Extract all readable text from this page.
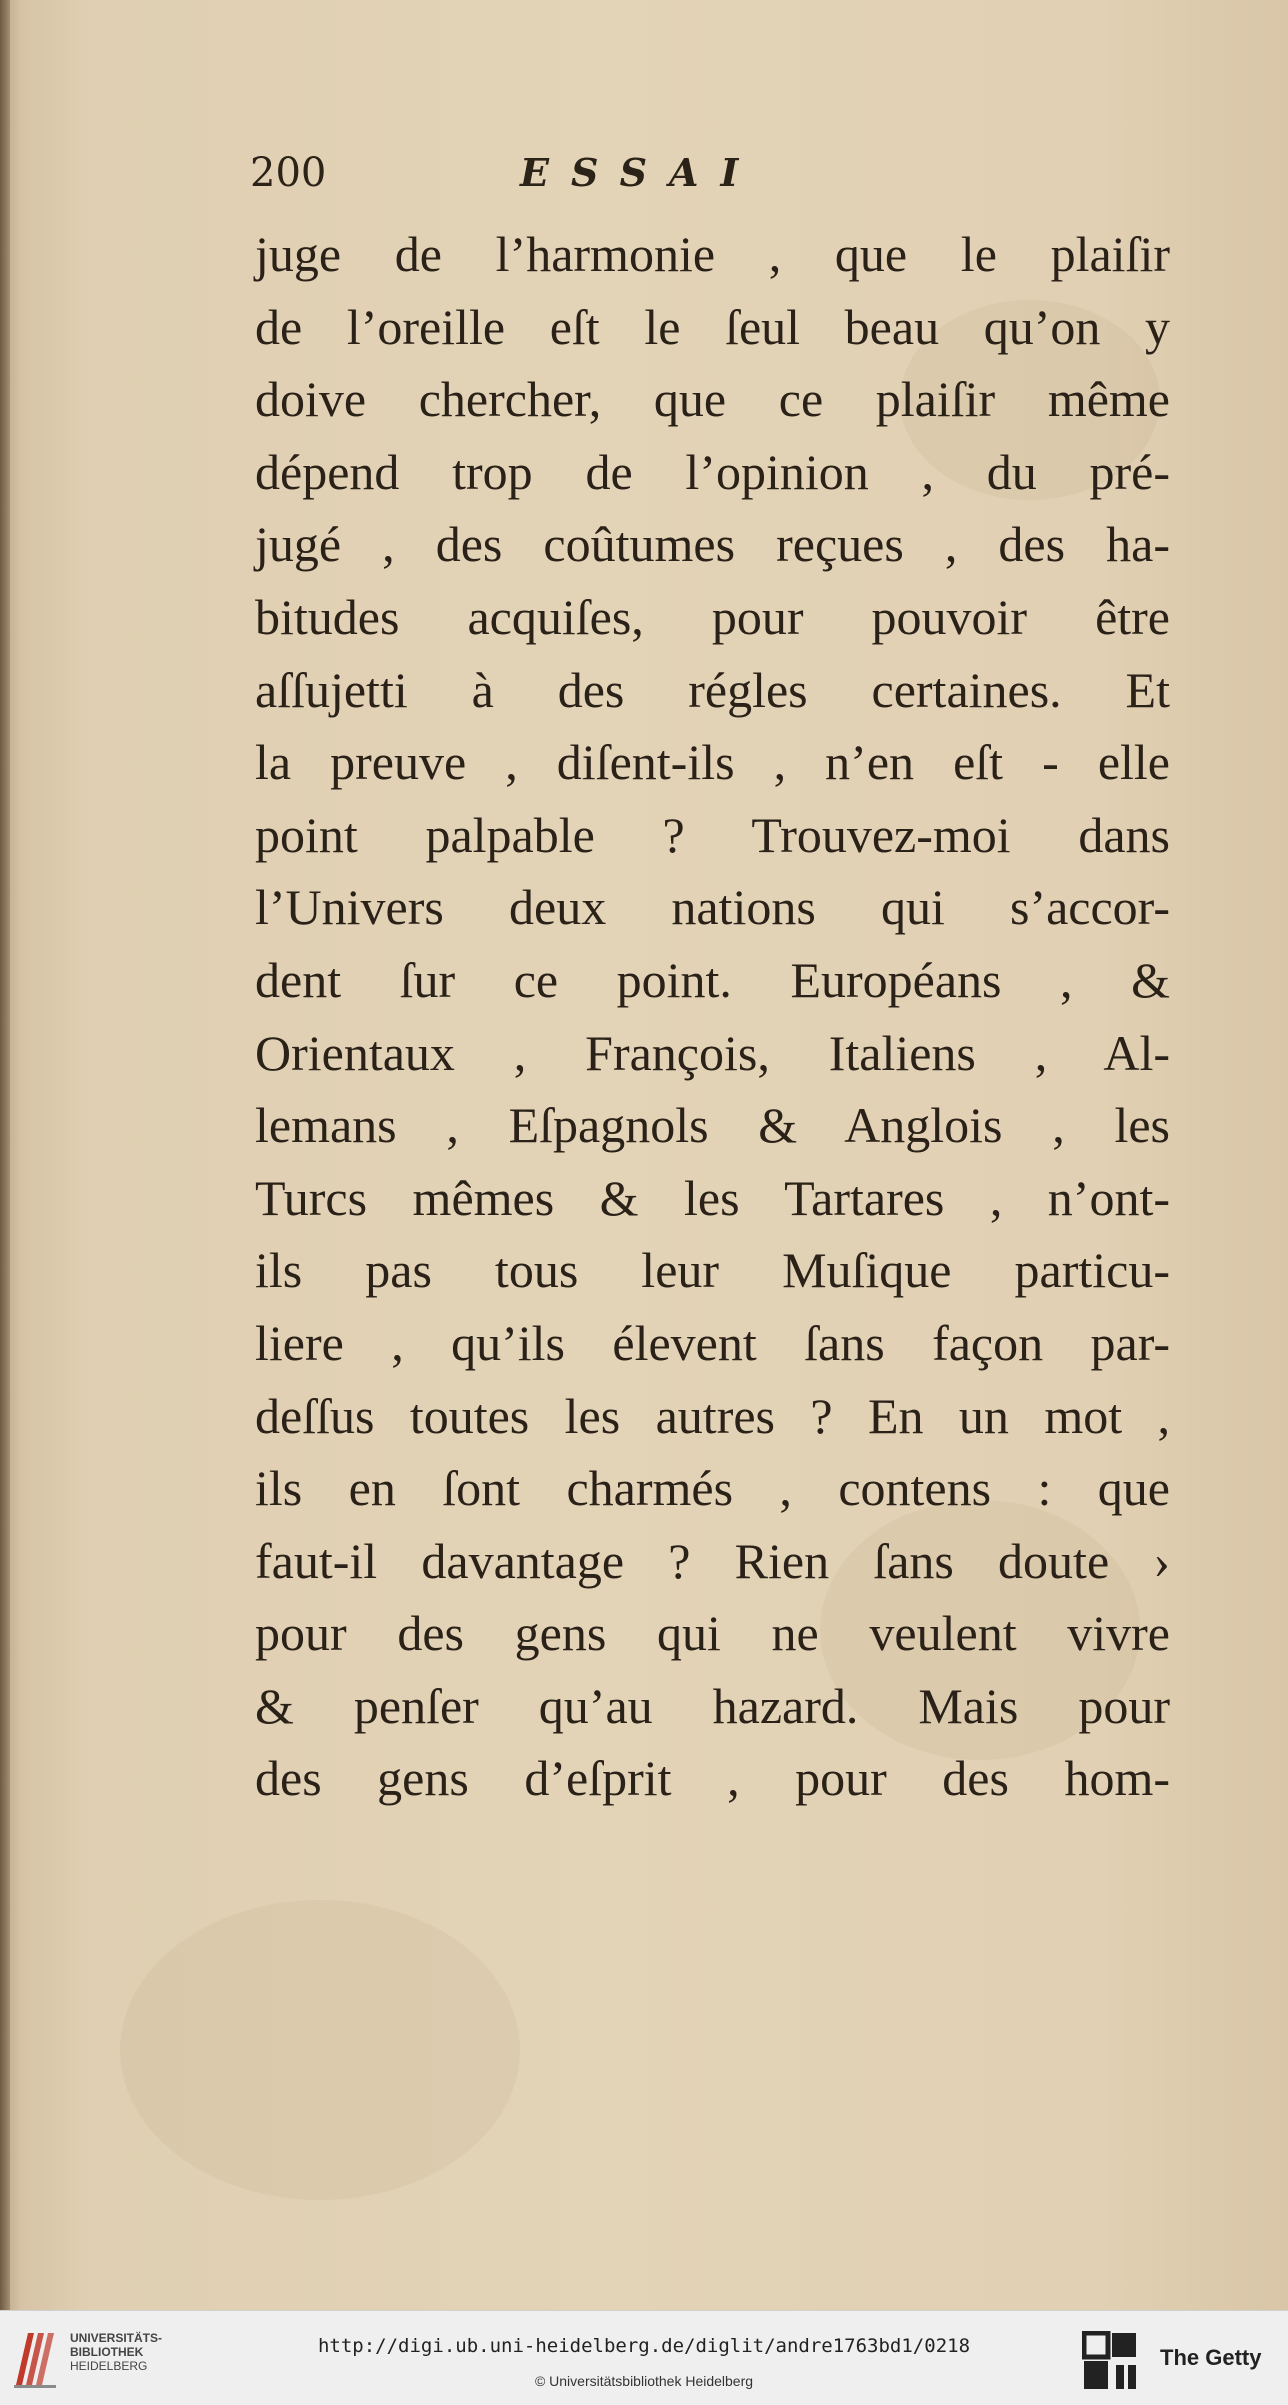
200	ESSAI
juge de l’harmonie , que le plaiſir
de l’oreille eſt le ſeul beau qu’on y
doive chercher, que ce plaiſir même
dépend trop de l’opinion , du pré-
jugé , des coûtumes reçues , des ha-
bitudes acquiſes, pour pouvoir être
aſſujetti à des régles certaines. Et
la preuve , diſent-ils , n’en eſt - elle
point palpable ? Trouvez-moi dans
l’Univers deux nations qui s’accor-
dent ſur ce point. Européans , &
Orientaux , François, Italiens , Al-
lemans , Eſpagnols & Anglois , les
Turcs mêmes & les Tartares , n’ont-
ils pas tous leur Muſique particu-
liere , qu’ils élevent ſans façon par-
deſſus toutes les autres ? En un mot ,
ils en ſont charmés , contens : que
faut-il davantage ? Rien ſans doute ›
pour des gens qui ne veulent vivre
& penſer qu’au hazard. Mais pour
des gens d’eſprit , pour des hom-
UNIVERSITÄTS-
BIBLIOTHEK
HEIDELBERG
http://digi.ub.uni-heidelberg.de/diglit/andre1763bd1/0218
© Universitätsbibliothek Heidelberg
The Getty
